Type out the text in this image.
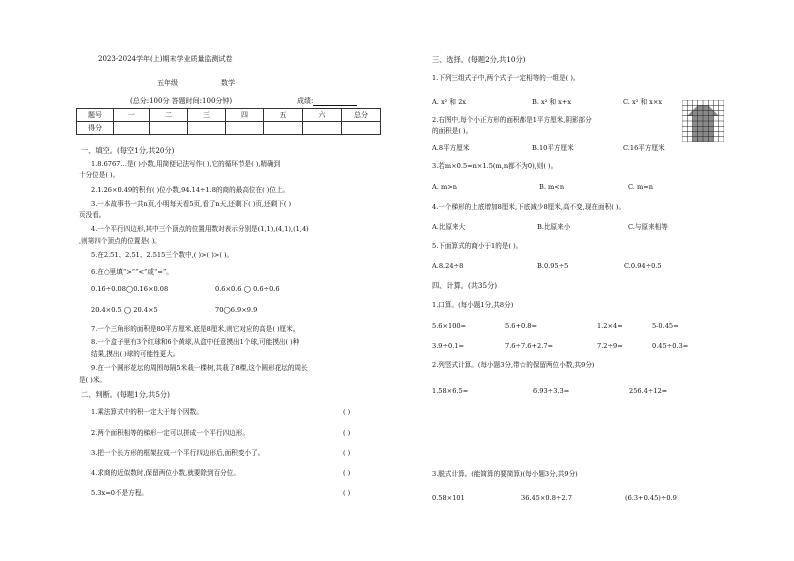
2023-2024学年(上)期末学业质量监测试卷
五年级	数学
(总分:100分 答题时间:100分钟)	成绩:
题号	一	二	三	四	五	六	总分
得分							
一、填空。(每空1分,共20分)
1.8.6767…是( )小数,用简便记法写作( ),它的循环节是( ),精确到
十分位是( )。
2.1.26×0.49的积有( )位小数,94.14÷1.8的商的最高位在( )位上。
3.一本故事书一共n页,小明每天看5页,看了n天,还剩下( )页,还剩下( )
页没看。
4.一个平行四边形,其中三个顶点的位置用数对表示分别是(1,1),(4,1),(1,4)
,则第四个顶点的位置是( )。
5.在2.51、2.51、2.515三个数中,( )>( )>( )。
6.在○里填“>”“<”或“=”。
0.16÷0.08◯0.16×0.08	0.6×0.6 ◯ 0.6÷0.6
20.4×0.5 ◯ 20.4×5	70◯6.9×9.9
7.一个三角形的面积是80平方厘米,底是8厘米,则它对应的高是( )厘米。
8.一个盒子里有3个红球和6个黄球,从盒中任意摸出1个球,可能摸出( )种
结果,摸出( )球的可能性更大。
9.在一个圆形花坛的周围每隔5米栽一棵树,共栽了8棵,这个圆形花坛的周长
是( )米。
二、判断。(每题1分,共5分)
1.乘法算式中的积一定大于每个因数。	( )
2.两个面积相等的梯形一定可以拼成一个平行四边形。	( )
3.把一个长方形的框架拉成一个平行四边形后,面积变小了。	( )
4.求商的近似数时,保留两位小数,就要除到百分位。	( )
5.3x=0不是方程。	( )
三、选择。(每题2分,共10分)
1.下列三组式子中,两个式子一定相等的一组是( )。
A. x² 和 2x	B. x² 和 x+x	C. x² 和 x×x
2.右图中,每个小正方形的面积都是1平方厘米,阴影部分
的面积是( )。
A.8平方厘米	B.10平方厘米	C.16平方厘米
3.若m×0.5=n×1.5(m,n都不为0),则( )。
A. m>n	B. m<n	C. m=n
4.一个梯形的上底增加8厘米,下底减少8厘米,高不变,现在面积( )。
A.比原来大	B.比原来小	C.与原来相等
5.下面算式的商小于1的是( )。
A.8.24÷8	B.0.95÷5	C.0.94÷0.5
四、计算。(共35分)
1.口算。(每小题1分,共8分)
5.6×100=	5.6+0.8=	1.2×4=	5-0.45=
3.9÷0.1=	7.6÷7.6+2.7=	7.2÷9=	0.45÷0.3=
2.列竖式计算。(每小题3分,带☆的保留两位小数,共9分)
1.58×6.5=	6.93÷3.3=	256.4÷12≈
3.脱式计算。(能简算的要简算)(每小题3分,共9分)
0.58×101	36.45×0.8÷2.7	(6.3+0.45)÷0.9
